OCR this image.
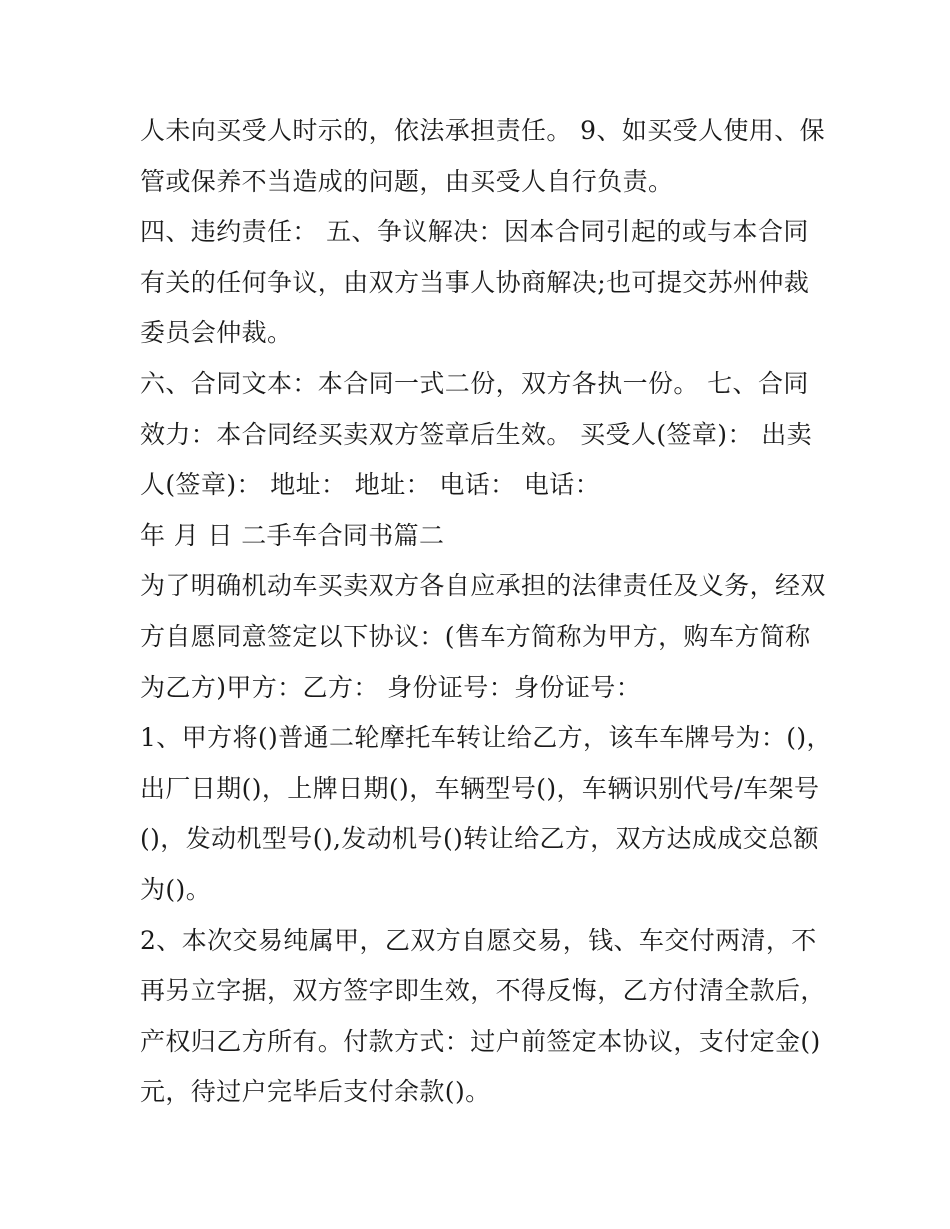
人未向买受人时示的，依法承担责任。 9、如买受人使用、保
管或保养不当造成的问题，由买受人自行负责。
四、违约责任： 五、争议解决：因本合同引起的或与本合同
有关的任何争议，由双方当事人协商解决;也可提交苏州仲裁
委员会仲裁。
六、合同文本：本合同一式二份，双方各执一份。 七、合同
效力：本合同经买卖双方签章后生效。 买受人(签章)： 出卖
人(签章)： 地址： 地址： 电话： 电话：
年 月 日 二手车合同书篇二
为了明确机动车买卖双方各自应承担的法律责任及义务，经双
方自愿同意签定以下协议：(售车方简称为甲方，购车方简称
为乙方)甲方：乙方： 身份证号：身份证号：
1、甲方将()普通二轮摩托车转让给乙方，该车车牌号为：()，
出厂日期()，上牌日期()，车辆型号()，车辆识别代号/车架号
()，发动机型号(),发动机号()转让给乙方，双方达成成交总额
为()。
2、本次交易纯属甲，乙双方自愿交易，钱、车交付两清，不
再另立字据，双方签字即生效，不得反悔，乙方付清全款后，
产权归乙方所有。付款方式：过户前签定本协议，支付定金()
元，待过户完毕后支付余款()。
